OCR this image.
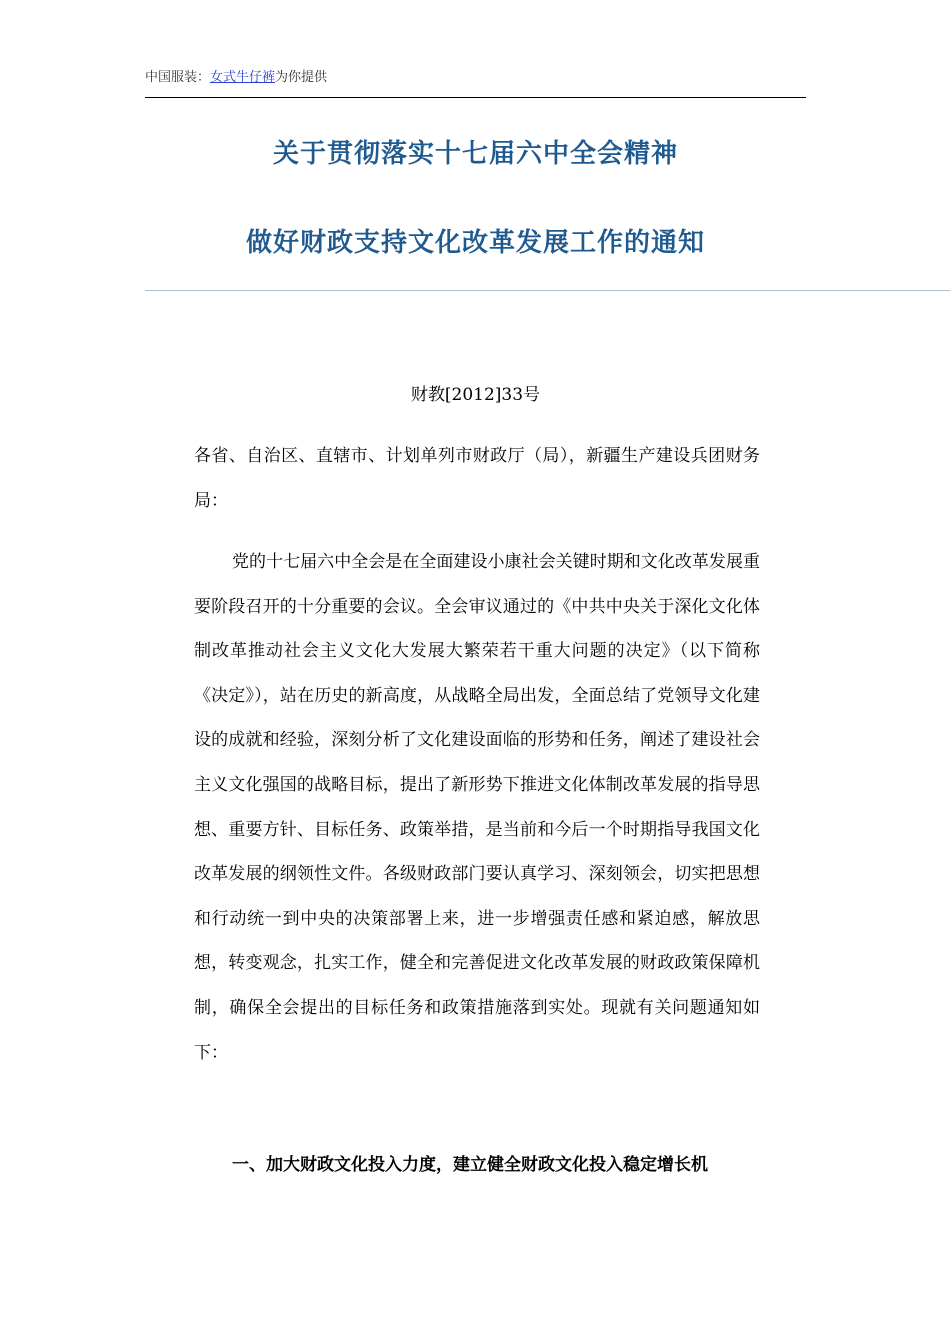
中国服装：女式牛仔裤为你提供
关于贯彻落实十七届六中全会精神
做好财政支持文化改革发展工作的通知
财教[2012]33号

各省、自治区、直辖市、计划单列市财政厅（局），新疆生产建设兵团财务局：

党的十七届六中全会是在全面建设小康社会关键时期和文化改革发展重要阶段召开的十分重要的会议。全会审议通过的《中共中央关于深化文化体制改革推动社会主义文化大发展大繁荣若干重大问题的决定》（以下简称《决定》），站在历史的新高度，从战略全局出发，全面总结了党领导文化建设的成就和经验，深刻分析了文化建设面临的形势和任务，阐述了建设社会主义文化强国的战略目标，提出了新形势下推进文化体制改革发展的指导思想、重要方针、目标任务、政策举措，是当前和今后一个时期指导我国文化改革发展的纲领性文件。各级财政部门要认真学习、深刻领会，切实把思想和行动统一到中央的决策部署上来，进一步增强责任感和紧迫感，解放思想，转变观念，扎实工作，健全和完善促进文化改革发展的财政政策保障机制，确保全会提出的目标任务和政策措施落到实处。现就有关问题通知如下：

一、加大财政文化投入力度，建立健全财政文化投入稳定增长机
